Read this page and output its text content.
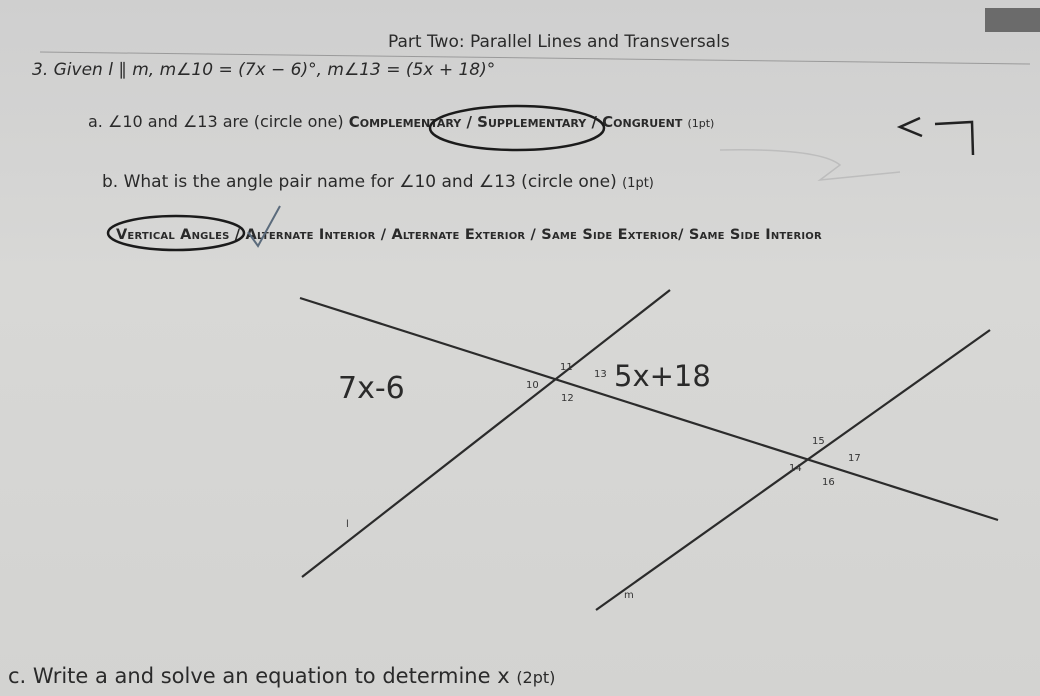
Part Two: Parallel Lines and Transversals
3. Given l ∥ m, m∠10 = (7x − 6)°, m∠13 = (5x + 18)°
a. ∠10 and ∠13 are (circle one) Complementary / Supplementary / Congruent (1pt)
b. What is the angle pair name for ∠10 and ∠13 (circle one) (1pt)
Vertical Angles / Alternate Interior / Alternate Exterior / Same Side Exterior/ Same Side Interior
11
13
10
12
15
17
14
16
l
m
7x-6	5x+18
c. Write a and solve an equation to determine x (2pt)
